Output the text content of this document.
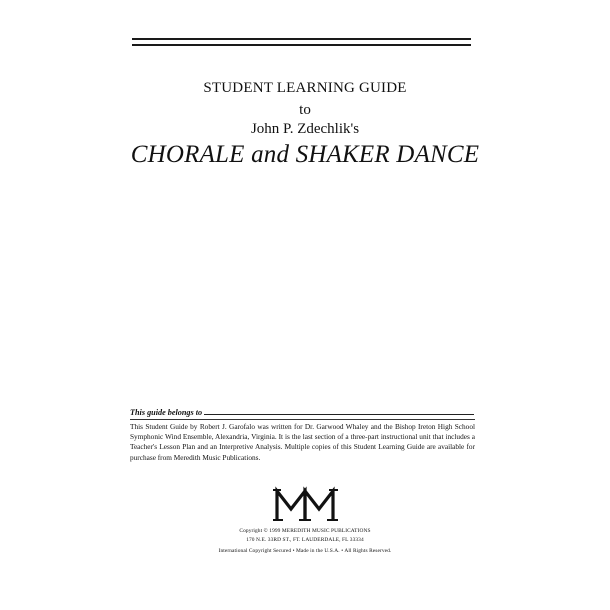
STUDENT LEARNING GUIDE
to
John P. Zdechlik's
CHORALE and SHAKER DANCE
This guide belongs to
This Student Guide by Robert J. Garofalo was written for Dr. Garwood Whaley and the Bishop Ireton High School Symphonic Wind Ensemble, Alexandria, Virginia. It is the last section of a three-part instructional unit that includes a Teacher's Lesson Plan and an Interpretive Analysis. Multiple copies of this Student Learning Guide are available for purchase from Meredith Music Publications.
Copyright © 1999 MEREDITH MUSIC PUBLICATIONS
170 N.E. 33RD ST., FT. LAUDERDALE, FL 33334
International Copyright Secured • Made in the U.S.A. • All Rights Reserved.
